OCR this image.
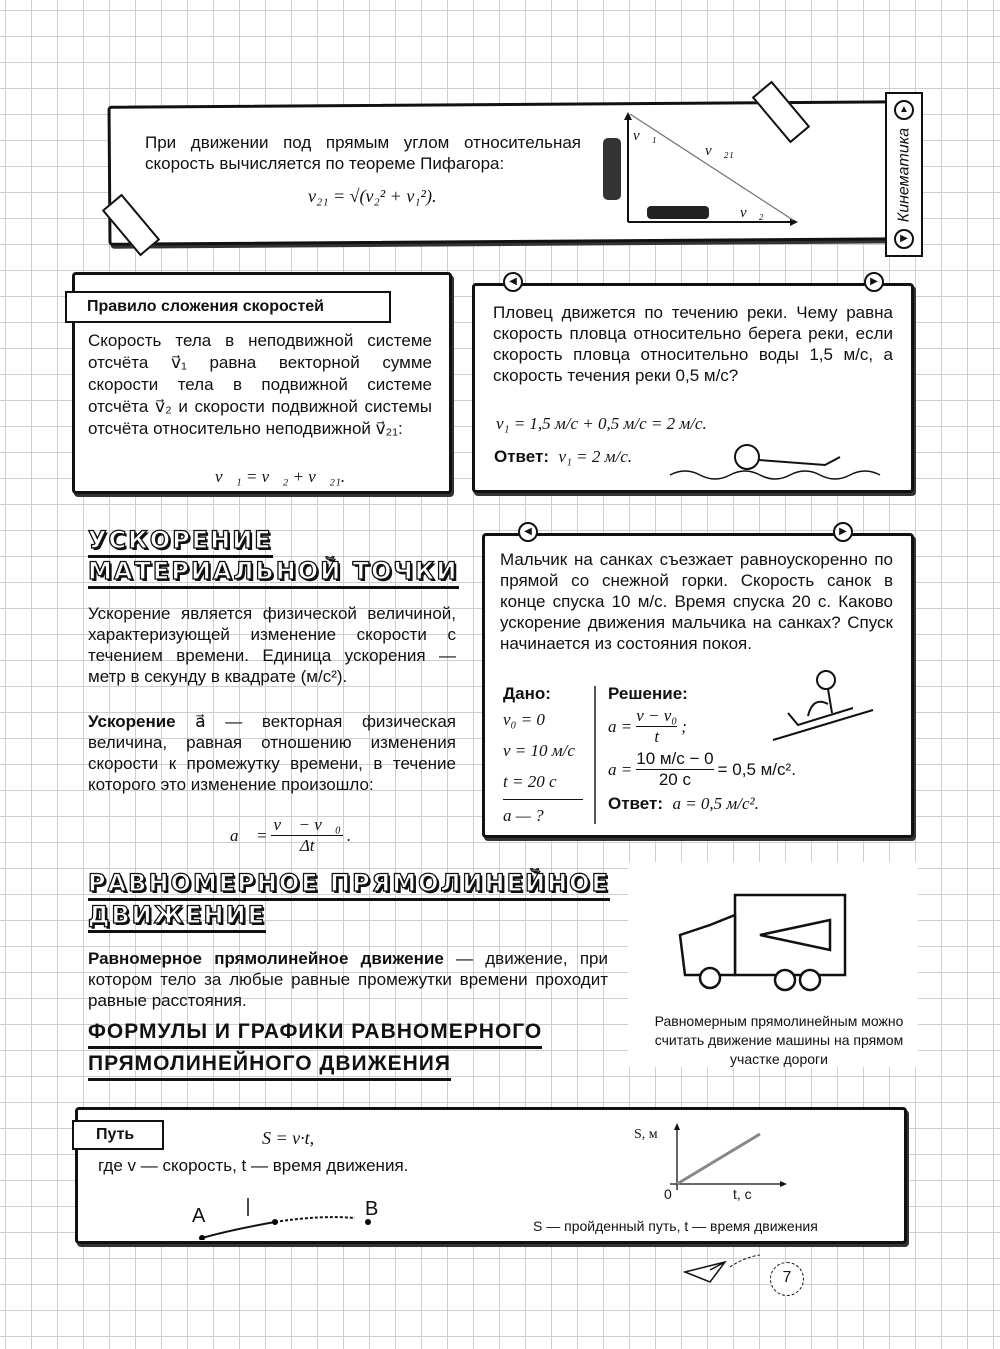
При движении под прямым углом относительная скорость вычисляется по теореме Пифагора:
v₂₁ = √(v₂² + v₁²).
v⃗₁
v⃗₂₁
v⃗₂
▲
Кинематика
▶
Правило сложения скоростей
Скорость тела в неподвижной системе отсчёта v⃗₁ равна векторной сумме скорости тела в подвижной системе отсчёта v⃗₂ и скорости подвижной системы отсчёта относительно неподвижной v⃗₂₁:
v⃗₁ = v⃗₂ + v⃗₂₁.
◀	▶
Пловец движется по течению реки. Чему равна скорость пловца относительно берега реки, если скорость пловца относительно воды 1,5 м/с, а скорость течения реки 0,5 м/с?
v₁ = 1,5 м/с + 0,5 м/с = 2 м/с.
Ответ: v₁ = 2 м/с.
УСКОРЕНИЕ
МАТЕРИАЛЬНОЙ ТОЧКИ
Ускорение является физической величиной, характеризующей изменение скорости с течением времени. Единица ускорения — метр в секунду в квадрате (м/с²).
Ускорение a⃗ — векторная физическая величина, равная отношению изменения скорости к промежутку времени, в течение которого это изменение произошло:
a⃗ = $\frac{\text{v⃗ − v⃗₀}}{\Delta t}$ .
◀	▶
Мальчик на санках съезжает равноускоренно по прямой со снежной горки. Скорость санок в конце спуска 10 м/с. Время спуска 20 с. Каково ускорение движения мальчика на санках? Спуск начинается из состояния покоя.
Дано:
v₀ = 0
v = 10 м/с
t = 20 с
a — ?
Решение:
$a = \frac{\text{v − v₀}}{t}$ ;
a =
10 м/с − 0
20 с
= 0,5 м/с².
Ответ: a = 0,5 м/с².
РАВНОМЕРНОЕ ПРЯМОЛИНЕЙНОЕ
ДВИЖЕНИЕ
Равномерное прямолинейное движение — движение, при котором тело за любые равные промежутки времени проходит равные расстояния.
Равномерным прямолинейным можно считать движение машины на прямом участке дороги
ФОРМУЛЫ И ГРАФИКИ РАВНОМЕРНОГО
ПРЯМОЛИНЕЙНОГО ДВИЖЕНИЯ
Путь	S = v·t,
где v — скорость, t — время движения.
A	B
S, м
t, с
0
S — пройденный путь, t — время движения
7
